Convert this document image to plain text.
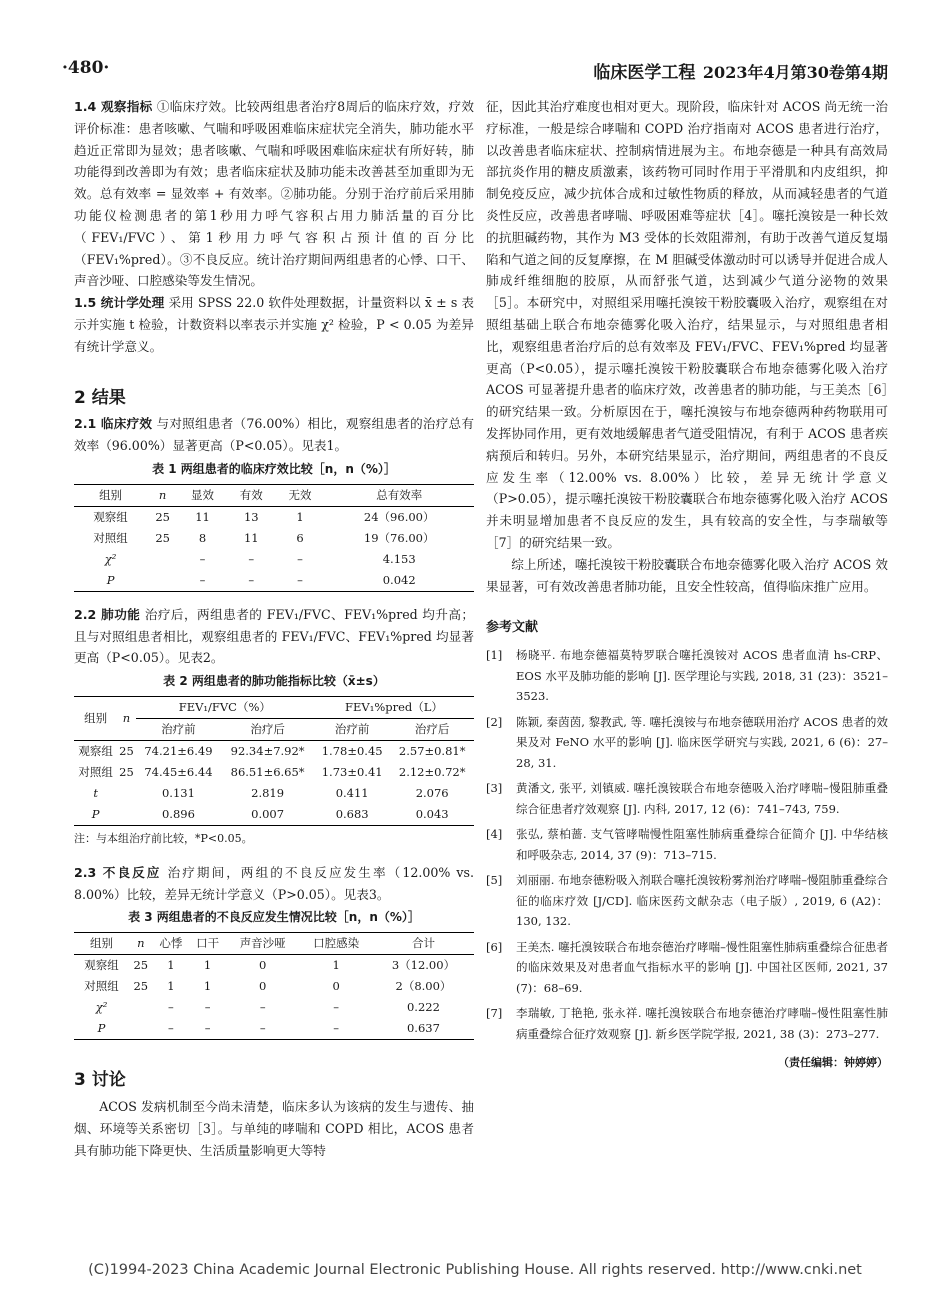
·480·	临床医学工程 2023年4月第30卷第4期

1.4 观察指标 ①临床疗效。比较两组患者治疗8周后的临床疗效，疗效评价标准：患者咳嗽、气喘和呼吸困难临床症状完全消失，肺功能水平趋近正常即为显效；患者咳嗽、气喘和呼吸困难临床症状有所好转，肺功能得到改善即为有效；患者临床症状及肺功能未改善甚至加重即为无效。总有效率 = 显效率 + 有效率。②肺功能。分别于治疗前后采用肺功能仪检测患者的第1秒用力呼气容积占用力肺活量的百分比（FEV₁/FVC）、第1秒用力呼气容积占预计值的百分比（FEV₁%pred）。③不良反应。统计治疗期间两组患者的心悸、口干、声音沙哑、口腔感染等发生情况。

1.5 统计学处理 采用 SPSS 22.0 软件处理数据，计量资料以 x̄ ± s 表示并实施 t 检验，计数资料以率表示并实施 χ² 检验，P < 0.05 为差异有统计学意义。

2 结果

2.1 临床疗效 与对照组患者（76.00%）相比，观察组患者的治疗总有效率（96.00%）显著更高（P<0.05）。见表1。

表 1 两组患者的临床疗效比较［n，n（%）］
组别	n	显效	有效	无效	总有效率
观察组	25	11	13	1	24（96.00）
对照组	25	8	11	6	19（76.00）
χ²		–	–	–	4.153
P		–	–	–	0.042

2.2 肺功能 治疗后，两组患者的 FEV₁/FVC、FEV₁%pred 均升高；且与对照组患者相比，观察组患者的 FEV₁/FVC、FEV₁%pred 均显著更高（P<0.05）。见表2。

表 2 两组患者的肺功能指标比较（x̄±s）
组别	n	FEV₁/FVC（%）		FEV₁%pred（L）	
		治疗前	治疗后	治疗前	治疗后
观察组	25	74.21±6.49	92.34±7.92*	1.78±0.45	2.57±0.81*
对照组	25	74.45±6.44	86.51±6.65*	1.73±0.41	2.12±0.72*
t		0.131	2.819	0.411	2.076
P		0.896	0.007	0.683	0.043
注：与本组治疗前比较，*P<0.05。

2.3 不良反应 治疗期间，两组的不良反应发生率（12.00% vs. 8.00%）比较，差异无统计学意义（P>0.05）。见表3。

表 3 两组患者的不良反应发生情况比较［n，n（%）］
组别	n	心悸	口干	声音沙哑	口腔感染	合计
观察组	25	1	1	0	1	3（12.00）
对照组	25	1	1	0	0	2（8.00）
χ²		–	–	–	–	0.222
P		–	–	–	–	0.637
3 讨论

ACOS 发病机制至今尚未清楚，临床多认为该病的发生与遗传、抽烟、环境等关系密切［3］。与单纯的哮喘和 COPD 相比，ACOS 患者具有肺功能下降更快、生活质量影响更大等特

征，因此其治疗难度也相对更大。现阶段，临床针对 ACOS 尚无统一治疗标准，一般是综合哮喘和 COPD 治疗指南对 ACOS 患者进行治疗，以改善患者临床症状、控制病情进展为主。布地奈德是一种具有高效局部抗炎作用的糖皮质激素，该药物可同时作用于平滑肌和内皮组织，抑制免疫反应，减少抗体合成和过敏性物质的释放，从而减轻患者的气道炎性反应，改善患者哮喘、呼吸困难等症状［4］。噻托溴铵是一种长效的抗胆碱药物，其作为 M3 受体的长效阻滞剂，有助于改善气道反复塌陷和气道之间的反复摩擦，在 M 胆碱受体激动时可以诱导并促进合成人肺成纤维细胞的胶原，从而舒张气道，达到减少气道分泌物的效果［5］。本研究中，对照组采用噻托溴铵干粉胶囊吸入治疗，观察组在对照组基础上联合布地奈德雾化吸入治疗，结果显示，与对照组患者相比，观察组患者治疗后的总有效率及 FEV₁/FVC、FEV₁%pred 均显著更高（P<0.05），提示噻托溴铵干粉胶囊联合布地奈德雾化吸入治疗 ACOS 可显著提升患者的临床疗效，改善患者的肺功能，与王美杰［6］的研究结果一致。分析原因在于，噻托溴铵与布地奈德两种药物联用可发挥协同作用，更有效地缓解患者气道受阻情况，有利于 ACOS 患者疾病预后和转归。另外，本研究结果显示，治疗期间，两组患者的不良反应发生率（12.00% vs. 8.00%）比较，差异无统计学意义（P>0.05），提示噻托溴铵干粉胶囊联合布地奈德雾化吸入治疗 ACOS 并未明显增加患者不良反应的发生，具有较高的安全性，与李瑞敏等［7］的研究结果一致。

综上所述，噻托溴铵干粉胶囊联合布地奈德雾化吸入治疗 ACOS 效果显著，可有效改善患者肺功能，且安全性较高，值得临床推广应用。

参考文献
[1] 杨晓平. 布地奈德福莫特罗联合噻托溴铵对 ACOS 患者血清 hs-CRP、EOS 水平及肺功能的影响 [J]. 医学理论与实践, 2018, 31 (23)：3521–3523.
[2] 陈颖, 秦茵茵, 黎教武, 等. 噻托溴铵与布地奈德联用治疗 ACOS 患者的效果及对 FeNO 水平的影响 [J]. 临床医学研究与实践, 2021, 6 (6)：27–28, 31.
[3] 黄潘文, 张平, 刘镇威. 噻托溴铵联合布地奈德吸入治疗哮喘–慢阻肺重叠综合征患者疗效观察 [J]. 内科, 2017, 12 (6)：741–743, 759.
[4] 张弘, 蔡柏蔷. 支气管哮喘慢性阻塞性肺病重叠综合征简介 [J]. 中华结核和呼吸杂志, 2014, 37 (9)：713–715.
[5] 刘丽丽. 布地奈德粉吸入剂联合噻托溴铵粉雾剂治疗哮喘–慢阻肺重叠综合征的临床疗效 [J/CD]. 临床医药文献杂志（电子版）, 2019, 6 (A2)：130, 132.
[6] 王美杰. 噻托溴铵联合布地奈德治疗哮喘–慢性阻塞性肺病重叠综合征患者的临床效果及对患者血气指标水平的影响 [J]. 中国社区医师, 2021, 37 (7)：68–69.
[7] 李瑞敏, 丁艳艳, 张永祥. 噻托溴铵联合布地奈德治疗哮喘–慢性阻塞性肺病重叠综合征疗效观察 [J]. 新乡医学院学报, 2021, 38 (3)：273–277.
（责任编辑：钟婷婷）
(C)1994-2023 China Academic Journal Electronic Publishing House. All rights reserved. http://www.cnki.net
